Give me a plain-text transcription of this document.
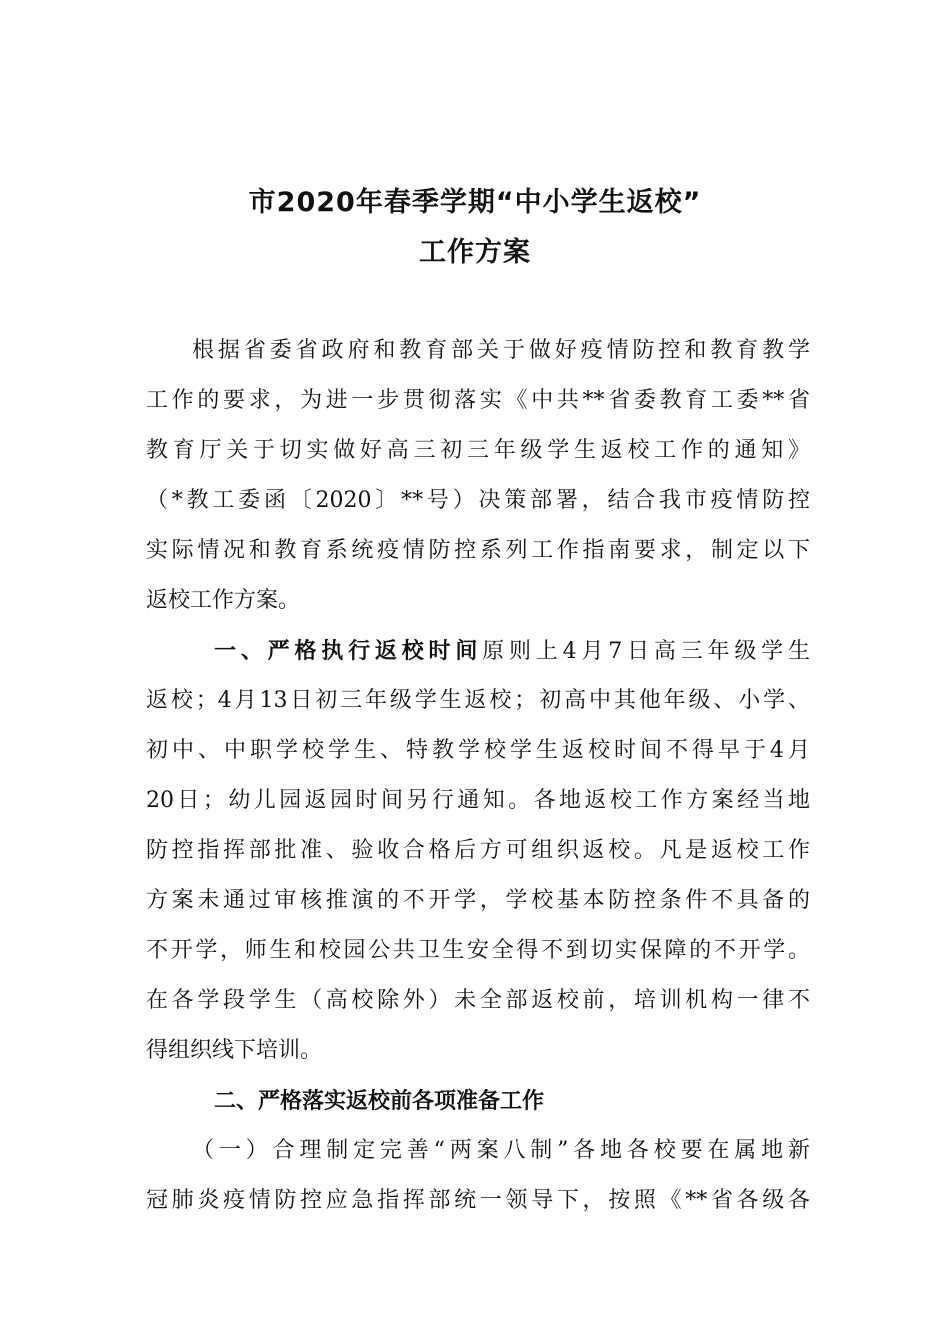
市2020年春季学期“中小学生返校”
工作方案

根据省委省政府和教育部关于做好疫情防控和教育教学

工作的要求，为进一步贯彻落实《中共**省委教育工委**省

教育厅关于切实做好高三初三年级学生返校工作的通知》

（*教工委函〔2020〕**号）决策部署，结合我市疫情防控

实际情况和教育系统疫情防控系列工作指南要求，制定以下

返校工作方案。

一、严格执行返校时间原则上4月7日高三年级学生

返校；4月13日初三年级学生返校；初高中其他年级、小学、

初中、中职学校学生、特教学校学生返校时间不得早于4月

20日；幼儿园返园时间另行通知。各地返校工作方案经当地

防控指挥部批准、验收合格后方可组织返校。凡是返校工作

方案未通过审核推演的不开学，学校基本防控条件不具备的

不开学，师生和校园公共卫生安全得不到切实保障的不开学。

在各学段学生（高校除外）未全部返校前，培训机构一律不

得组织线下培训。

二、严格落实返校前各项准备工作

（一）合理制定完善“两案八制”各地各校要在属地新

冠肺炎疫情防控应急指挥部统一领导下，按照《**省各级各
